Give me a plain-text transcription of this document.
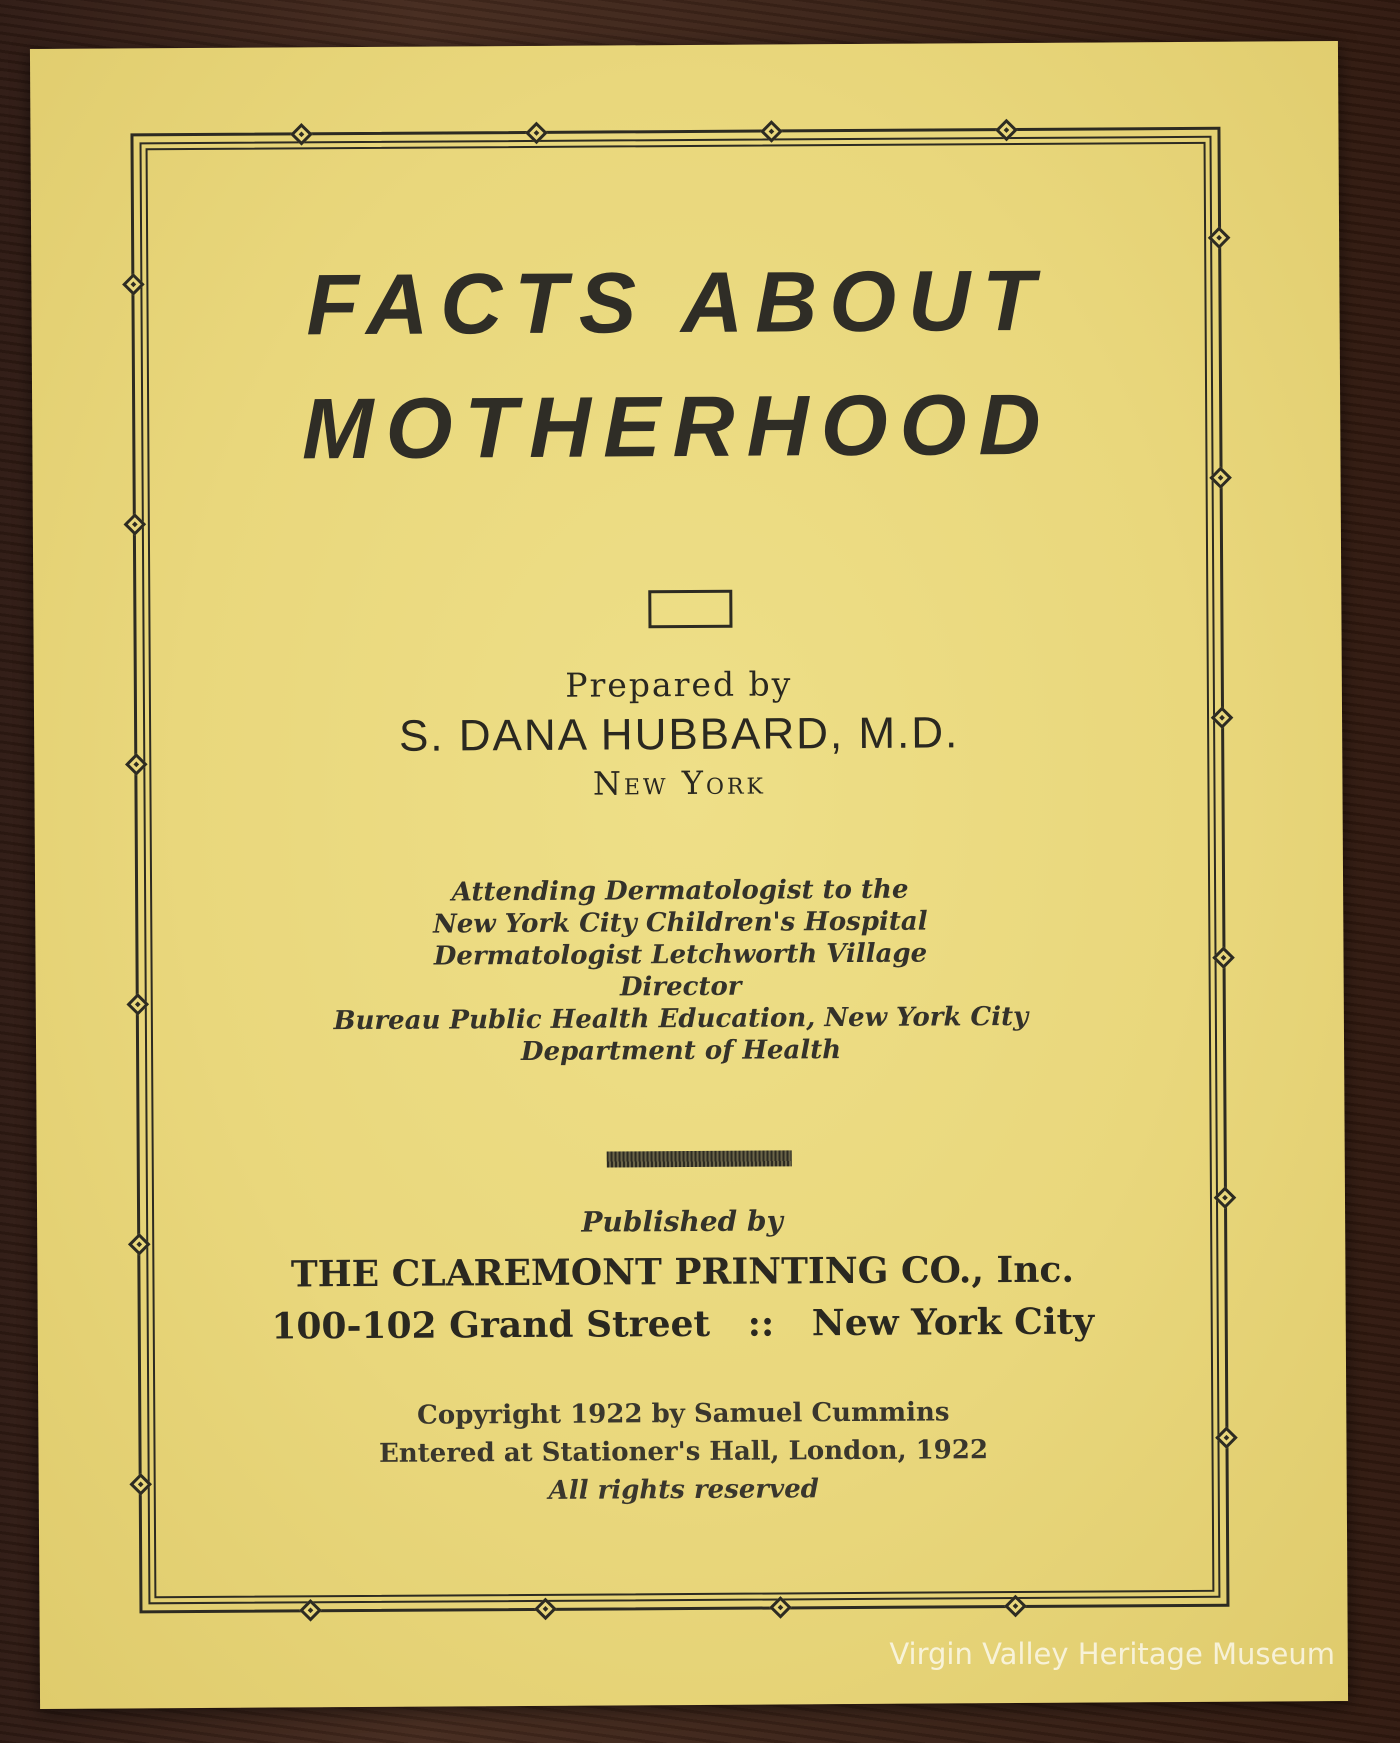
FACTS ABOUT
MOTHERHOOD
Prepared by
S. DANA HUBBARD, M.D.
New York
Attending Dermatologist to the
New York City Children's Hospital
Dermatologist Letchworth Village
Director
Bureau Public Health Education, New York City
Department of Health
Published by
THE CLAREMONT PRINTING CO., Inc.
100-102 Grand Street   ::   New York City
Copyright 1922 by Samuel Cummins
Entered at Stationer's Hall, London, 1922
All rights reserved
Virgin Valley Heritage Museum
